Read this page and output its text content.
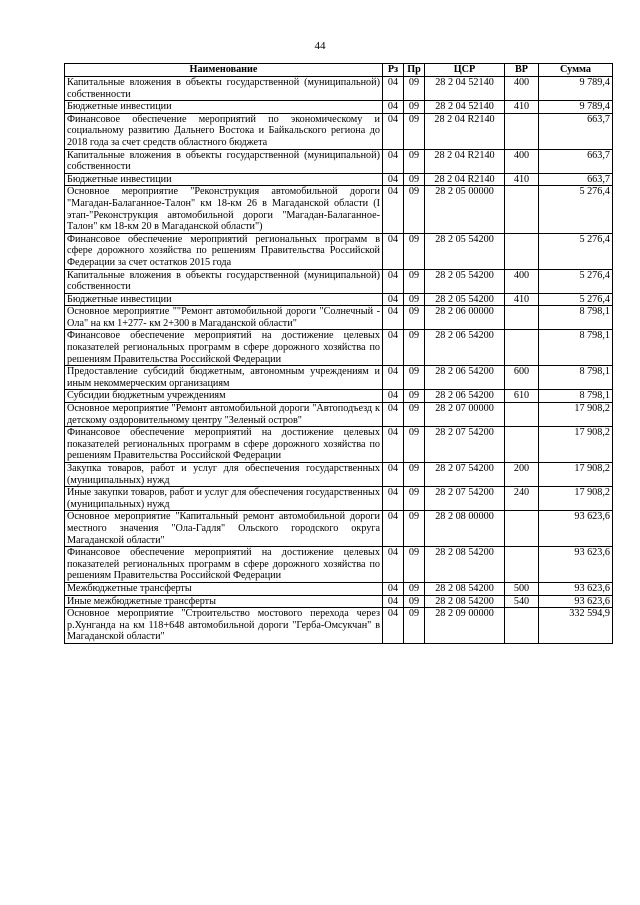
44
Наименование	Рз	Пр	ЦСР	ВР	Сумма
Капитальные вложения в объекты государственной (муниципальной) собственности	04	09	28 2 04 52140	400	9 789,4
Бюджетные инвестиции	04	09	28 2 04 52140	410	9 789,4
Финансовое обеспечение мероприятий по экономическому и социальному развитию Дальнего Востока и Байкальского региона до 2018 года за счет средств областного бюджета	04	09	28 2 04 R2140		663,7
Капитальные вложения в объекты государственной (муниципальной) собственности	04	09	28 2 04 R2140	400	663,7
Бюджетные инвестиции	04	09	28 2 04 R2140	410	663,7
Основное мероприятие "Реконструкция автомобильной дороги "Магадан-Балаганное-Талон" км 18-км 26 в Магаданской области (I этап-"Реконструкция автомобильной дороги "Магадан-Балаганное-Талон" км 18-км 20 в Магаданской области")	04	09	28 2 05 00000		5 276,4
Финансовое обеспечение мероприятий региональных программ в сфере дорожного хозяйства по решениям Правительства Российской Федерации за счет остатков 2015 года	04	09	28 2 05 54200		5 276,4
Капитальные вложения в объекты государственной (муниципальной) собственности	04	09	28 2 05 54200	400	5 276,4
Бюджетные инвестиции	04	09	28 2 05 54200	410	5 276,4
Основное мероприятие ""Ремонт автомобильной дороги "Солнечный - Ола" на км 1+277- км 2+300 в Магаданской области"	04	09	28 2 06 00000		8 798,1
Финансовое обеспечение мероприятий на достижение целевых показателей региональных программ в сфере дорожного хозяйства по решениям Правительства Российской Федерации	04	09	28 2 06 54200		8 798,1
Предоставление субсидий бюджетным, автономным учреждениям и иным некоммерческим организациям	04	09	28 2 06 54200	600	8 798,1
Субсидии бюджетным учреждениям	04	09	28 2 06 54200	610	8 798,1
Основное мероприятие "Ремонт автомобильной дороги "Автоподъезд к детскому оздоровительному центру "Зеленый остров"	04	09	28 2 07 00000		17 908,2
Финансовое обеспечение мероприятий на достижение целевых показателей региональных программ в сфере дорожного хозяйства по решениям Правительства Российской Федерации	04	09	28 2 07 54200		17 908,2
Закупка товаров, работ и услуг для обеспечения государственных (муниципальных) нужд	04	09	28 2 07 54200	200	17 908,2
Иные закупки товаров, работ и услуг для обеспечения государственных (муниципальных) нужд	04	09	28 2 07 54200	240	17 908,2
Основное мероприятие "Капитальный ремонт автомобильной дороги местного значения "Ола-Гадля" Ольского городского округа Магаданской области"	04	09	28 2 08 00000		93 623,6
Финансовое обеспечение мероприятий на достижение целевых показателей региональных программ в сфере дорожного хозяйства по решениям Правительства Российской Федерации	04	09	28 2 08 54200		93 623,6
Межбюджетные трансферты	04	09	28 2 08 54200	500	93 623,6
Иные межбюджетные трансферты	04	09	28 2 08 54200	540	93 623,6
Основное мероприятие "Строительство мостового перехода через р.Хунганда на км 118+648 автомобильной дороги "Герба-Омсукчан" в Магаданской области"	04	09	28 2 09 00000		332 594,9
